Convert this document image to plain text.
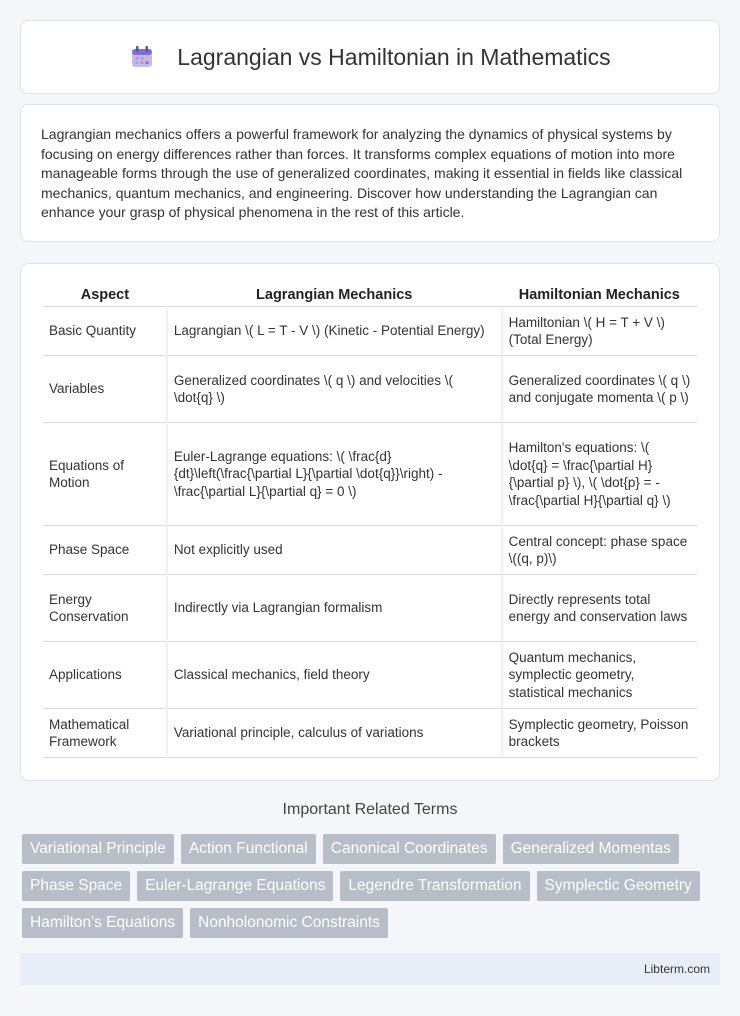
Lagrangian vs Hamiltonian in Mathematics

Lagrangian mechanics offers a powerful framework for analyzing the dynamics of physical systems by focusing on energy differences rather than forces. It transforms complex equations of motion into more manageable forms through the use of generalized coordinates, making it essential in fields like classical mechanics, quantum mechanics, and engineering. Discover how understanding the Lagrangian can enhance your grasp of physical phenomena in the rest of this article.

Aspect	Lagrangian Mechanics	Hamiltonian Mechanics
Basic Quantity	Lagrangian \( L = T - V \) (Kinetic - Potential Energy)	Hamiltonian \( H = T + V \) (Total Energy)
Variables	Generalized coordinates \( q \) and velocities \( \dot{q} \)	Generalized coordinates \( q \) and conjugate momenta \( p \)
Equations of Motion	Euler-Lagrange equations: \( \frac{d}{dt}\left(\frac{\partial L}{\partial \dot{q}}\right) - \frac{\partial L}{\partial q} = 0 \)	Hamilton's equations: \( \dot{q} = \frac{\partial H}{\partial p} \), \( \dot{p} = -\frac{\partial H}{\partial q} \)
Phase Space	Not explicitly used	Central concept: phase space \((q, p)\)
Energy Conservation	Indirectly via Lagrangian formalism	Directly represents total energy and conservation laws
Applications	Classical mechanics, field theory	Quantum mechanics, symplectic geometry, statistical mechanics
Mathematical Framework	Variational principle, calculus of variations	Symplectic geometry, Poisson brackets
Important Related Terms
Variational Principle	Action Functional	Canonical Coordinates	Generalized Momentas
Phase Space	Euler-Lagrange Equations	Legendre Transformation	Symplectic Geometry
Hamilton's Equations	Nonholonomic Constraints
Libterm.com
